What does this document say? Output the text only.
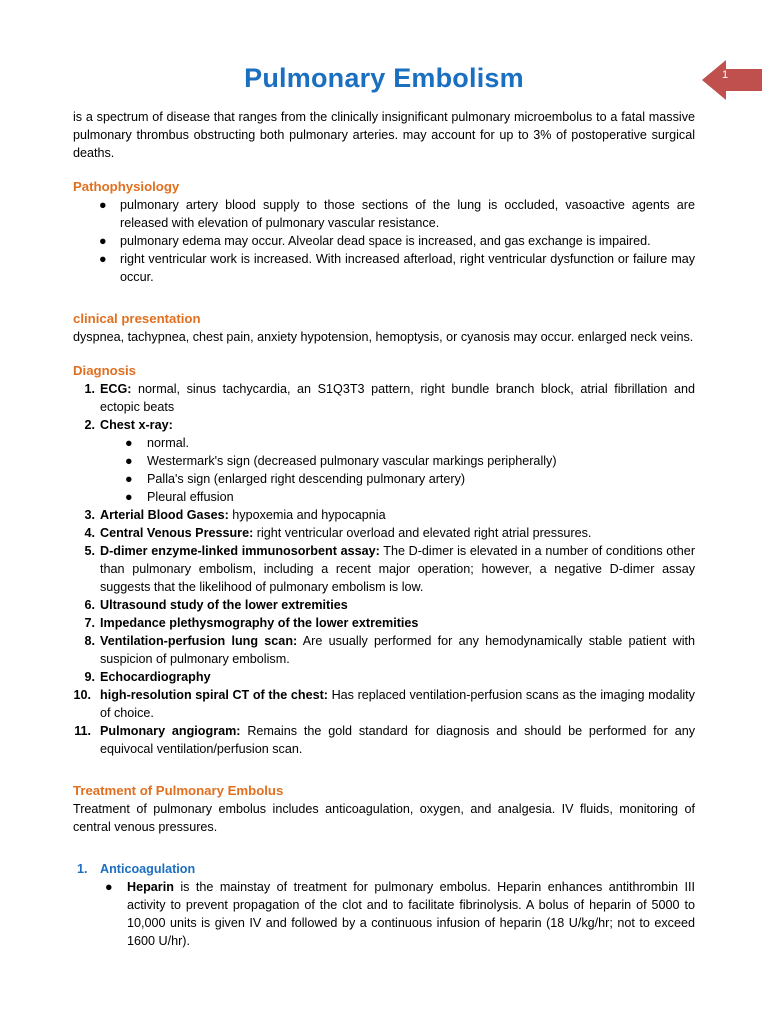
1
Pulmonary Embolism

is a spectrum of disease that ranges from the clinically insignificant pulmonary microembolus to a fatal massive pulmonary thrombus obstructing both pulmonary arteries. may account for up to 3% of postoperative surgical deaths.

Pathophysiology
● pulmonary artery blood supply to those sections of the lung is occluded, vasoactive agents are released with elevation of pulmonary vascular resistance.
● pulmonary edema may occur. Alveolar dead space is increased, and gas exchange is impaired.
● right ventricular work is increased. With increased afterload, right ventricular dysfunction or failure may occur.
clinical presentation

dyspnea, tachypnea, chest pain, anxiety hypotension, hemoptysis, or cyanosis may occur. enlarged neck veins.

Diagnosis
1. ECG: normal, sinus tachycardia, an S1Q3T3 pattern, right bundle branch block, atrial fibrillation and ectopic beats
2. Chest x-ray:
● normal.
● Westermark's sign (decreased pulmonary vascular markings peripherally)
● Palla's sign (enlarged right descending pulmonary artery)
● Pleural effusion
3. Arterial Blood Gases: hypoxemia and hypocapnia
4. Central Venous Pressure: right ventricular overload and elevated right atrial pressures.
5. D-dimer enzyme-linked immunosorbent assay: The D-dimer is elevated in a number of conditions other than pulmonary embolism, including a recent major operation; however, a negative D-dimer assay suggests that the likelihood of pulmonary embolism is low.
6. Ultrasound study of the lower extremities
7. Impedance plethysmography of the lower extremities
8. Ventilation-perfusion lung scan: Are usually performed for any hemodynamically stable patient with suspicion of pulmonary embolism.
9. Echocardiography
10. high-resolution spiral CT of the chest: Has replaced ventilation-perfusion scans as the imaging modality of choice.
11. Pulmonary angiogram: Remains the gold standard for diagnosis and should be performed for any equivocal ventilation/perfusion scan.
Treatment of Pulmonary Embolus

Treatment of pulmonary embolus includes anticoagulation, oxygen, and analgesia. IV fluids, monitoring of central venous pressures.

1. Anticoagulation
● Heparin is the mainstay of treatment for pulmonary embolus. Heparin enhances antithrombin III activity to prevent propagation of the clot and to facilitate fibrinolysis. A bolus of heparin of 5000 to 10,000 units is given IV and followed by a continuous infusion of heparin (18 U/kg/hr; not to exceed 1600 U/hr).
